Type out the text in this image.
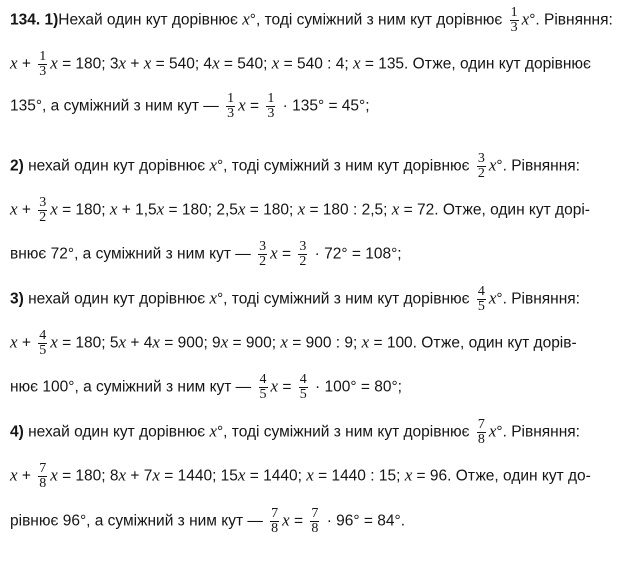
134. 1)Нехай один кут дорівнює x°, тоді суміжний з ним кут дорівнює $\frac{1}{3} x^\circ$. Рівняння:
$x + \frac{1}{3}$ x = 180; 3x + x = 540; 4x = 540; x = 540 : 4; x = 135. Отже, один кут дорівнює
135°, а суміжний з ним кут — $\frac{1}{3}$ $x = \frac{1}{3} \cdot 135^\circ = 45^\circ$;
2) нехай один кут дорівнює x°, тоді суміжний з ним кут дорівнює $\frac{3}{2} x^\circ$. Рівняння:
$x + \frac{3}{2}$ x = 180; x + 1,5x = 180; 2,5x = 180; x = 180 : 2,5; x = 72. Отже, один кут дорі-
внює 72°, а суміжний з ним кут — $\frac{3}{2}$ $x = \frac{3}{2} \cdot 72^\circ = 108^\circ$;
3) нехай один кут дорівнює x°, тоді суміжний з ним кут дорівнює $\frac{4}{5} x^\circ$. Рівняння:
$x + \frac{4}{5}$ x = 180; 5x + 4x = 900; 9x = 900; x = 900 : 9; x = 100. Отже, один кут дорів-
нює 100°, а суміжний з ним кут — $\frac{4}{5}$ $x = \frac{4}{5} \cdot 100^\circ = 80^\circ$;
4) нехай один кут дорівнює x°, тоді суміжний з ним кут дорівнює $\frac{7}{8} x^\circ$. Рівняння:
$x + \frac{7}{8}$ x = 180; 8x + 7x = 1440; 15x = 1440; x = 1440 : 15; x = 96. Отже, один кут до-
рівнює 96°, а суміжний з ним кут — $\frac{7}{8}$ $x = \frac{7}{8} \cdot 96^\circ = 84^\circ$.
